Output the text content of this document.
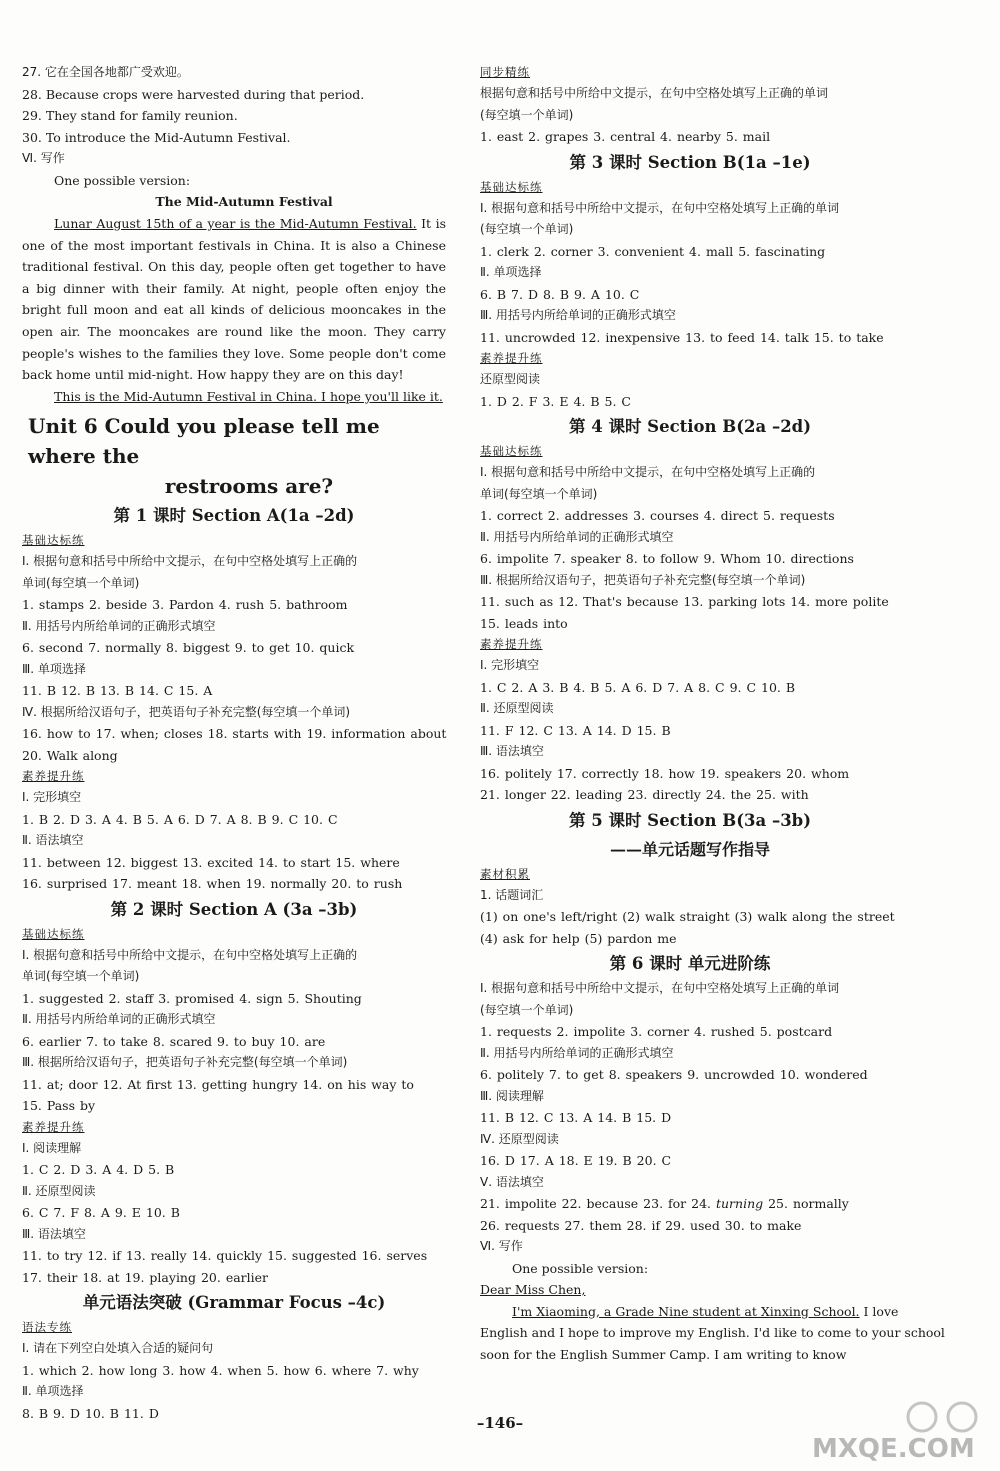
27. 它在全国各地都广受欢迎。
28. Because crops were harvested during that period.
29. They stand for family reunion.
30. To introduce the Mid-Autumn Festival.
Ⅵ. 写作
One possible version:
The Mid-Autumn Festival
Lunar August 15th of a year is the Mid-Autumn Festival. It is one of the most important festivals in China. It is also a Chinese traditional festival. On this day, people often get together to have a big dinner with their family. At night, people often enjoy the bright full moon and eat all kinds of delicious mooncakes in the open air. The mooncakes are round like the moon. They carry people's wishes to the families they love. Some people don't come back home until mid-night. How happy they are on this day!
This is the Mid-Autumn Festival in China. I hope you'll like it.
Unit 6 Could you please tell me where the
restrooms are?
第 1 课时 Section A(1a –2d)
基础达标练
Ⅰ. 根据句意和括号中所给中文提示，在句中空格处填写上正确的
单词(每空填一个单词)
1. stamps 2. beside 3. Pardon 4. rush 5. bathroom
Ⅱ. 用括号内所给单词的正确形式填空
6. second 7. normally 8. biggest 9. to get 10. quick
Ⅲ. 单项选择
11. B 12. B 13. B 14. C 15. A
Ⅳ. 根据所给汉语句子，把英语句子补充完整(每空填一个单词)
16. how to 17. when; closes 18. starts with 19. information about
20. Walk along
素养提升练
Ⅰ. 完形填空
1. B 2. D 3. A 4. B 5. A 6. D 7. A 8. B 9. C 10. C
Ⅱ. 语法填空
11. between 12. biggest 13. excited 14. to start 15. where
16. surprised 17. meant 18. when 19. normally 20. to rush
第 2 课时 Section A (3a –3b)
基础达标练
Ⅰ. 根据句意和括号中所给中文提示，在句中空格处填写上正确的
单词(每空填一个单词)
1. suggested 2. staff 3. promised 4. sign 5. Shouting
Ⅱ. 用括号内所给单词的正确形式填空
6. earlier 7. to take 8. scared 9. to buy 10. are
Ⅲ. 根据所给汉语句子，把英语句子补充完整(每空填一个单词)
11. at; door 12. At first 13. getting hungry 14. on his way to
15. Pass by
素养提升练
Ⅰ. 阅读理解
1. C 2. D 3. A 4. D 5. B
Ⅱ. 还原型阅读
6. C 7. F 8. A 9. E 10. B
Ⅲ. 语法填空
11. to try 12. if 13. really 14. quickly 15. suggested 16. serves
17. their 18. at 19. playing 20. earlier
单元语法突破 (Grammar Focus –4c)
语法专练
Ⅰ. 请在下列空白处填入合适的疑问句
1. which 2. how long 3. how 4. when 5. how 6. where 7. why
Ⅱ. 单项选择
8. B 9. D 10. B 11. D
同步精练
根据句意和括号中所给中文提示，在句中空格处填写上正确的单词
(每空填一个单词)
1. east 2. grapes 3. central 4. nearby 5. mail
第 3 课时 Section B(1a –1e)
基础达标练
Ⅰ. 根据句意和括号中所给中文提示，在句中空格处填写上正确的单词
(每空填一个单词)
1. clerk 2. corner 3. convenient 4. mall 5. fascinating
Ⅱ. 单项选择
6. B 7. D 8. B 9. A 10. C
Ⅲ. 用括号内所给单词的正确形式填空
11. uncrowded 12. inexpensive 13. to feed 14. talk 15. to take
素养提升练
还原型阅读
1. D 2. F 3. E 4. B 5. C
第 4 课时 Section B(2a –2d)
基础达标练
Ⅰ. 根据句意和括号中所给中文提示，在句中空格处填写上正确的
单词(每空填一个单词)
1. correct 2. addresses 3. courses 4. direct 5. requests
Ⅱ. 用括号内所给单词的正确形式填空
6. impolite 7. speaker 8. to follow 9. Whom 10. directions
Ⅲ. 根据所给汉语句子，把英语句子补充完整(每空填一个单词)
11. such as 12. That's because 13. parking lots 14. more polite
15. leads into
素养提升练
Ⅰ. 完形填空
1. C 2. A 3. B 4. B 5. A 6. D 7. A 8. C 9. C 10. B
Ⅱ. 还原型阅读
11. F 12. C 13. A 14. D 15. B
Ⅲ. 语法填空
16. politely 17. correctly 18. how 19. speakers 20. whom
21. longer 22. leading 23. directly 24. the 25. with
第 5 课时 Section B(3a –3b)
——单元话题写作指导
素材积累
1. 话题词汇
(1) on one's left/right (2) walk straight (3) walk along the street
(4) ask for help (5) pardon me
第 6 课时 单元进阶练
Ⅰ. 根据句意和括号中所给中文提示，在句中空格处填写上正确的单词
(每空填一个单词)
1. requests 2. impolite 3. corner 4. rushed 5. postcard
Ⅱ. 用括号内所给单词的正确形式填空
6. politely 7. to get 8. speakers 9. uncrowded 10. wondered
Ⅲ. 阅读理解
11. B 12. C 13. A 14. B 15. D
Ⅳ. 还原型阅读
16. D 17. A 18. E 19. B 20. C
Ⅴ. 语法填空
21. impolite 22. because 23. for 24. turning 25. normally
26. requests 27. them 28. if 29. used 30. to make
Ⅵ. 写作
One possible version:
Dear Miss Chen,
I'm Xiaoming, a Grade Nine student at Xinxing School. I love
English and I hope to improve my English. I'd like to come to your school
soon for the English Summer Camp. I am writing to know
–146–
MXQE.COM
